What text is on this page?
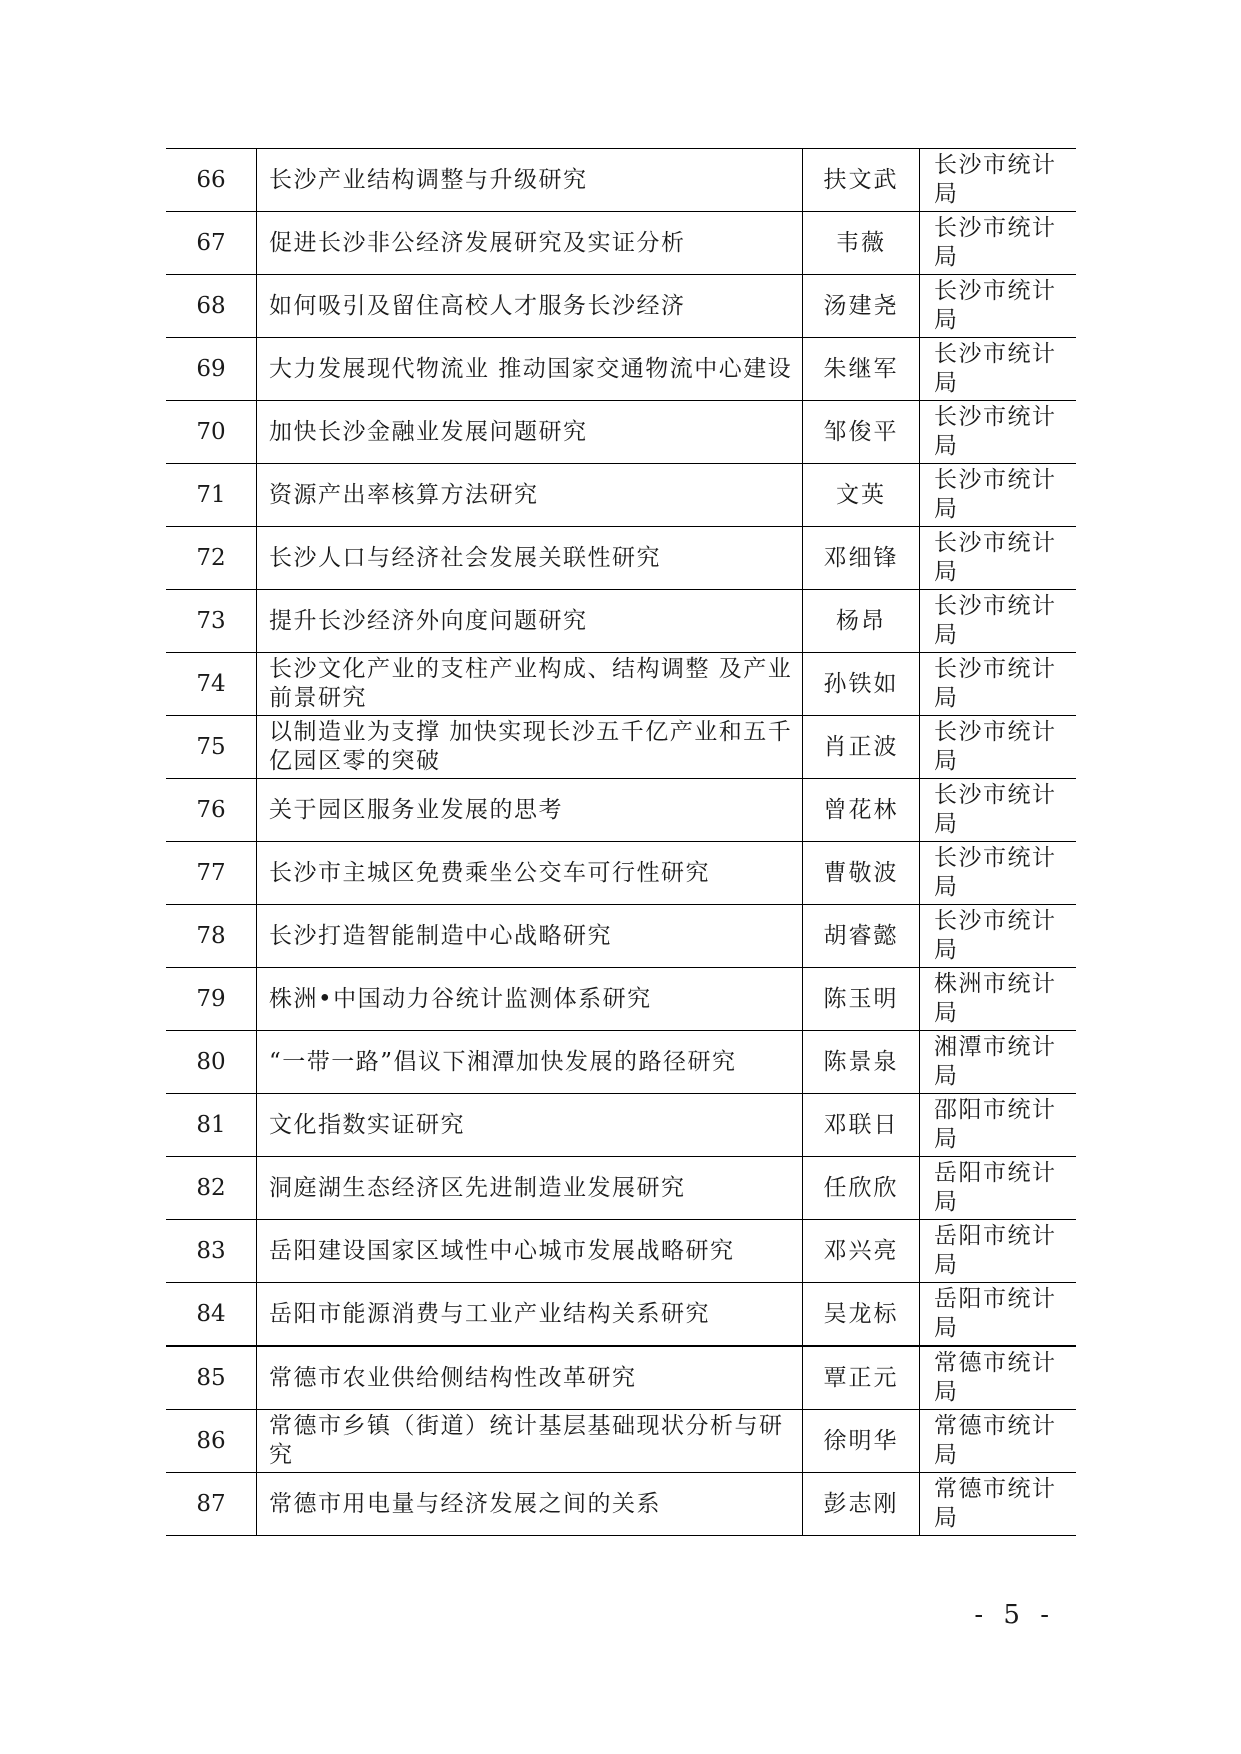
66	长沙产业结构调整与升级研究	扶文武	长沙市统计局
67	促进长沙非公经济发展研究及实证分析	韦薇	长沙市统计局
68	如何吸引及留住高校人才服务长沙经济	汤建尧	长沙市统计局
69	大力发展现代物流业 推动国家交通物流中心建设	朱继军	长沙市统计局
70	加快长沙金融业发展问题研究	邹俊平	长沙市统计局
71	资源产出率核算方法研究	文英	长沙市统计局
72	长沙人口与经济社会发展关联性研究	邓细锋	长沙市统计局
73	提升长沙经济外向度问题研究	杨昂	长沙市统计局
74	长沙文化产业的支柱产业构成、结构调整 及产业前景研究	孙铁如	长沙市统计局
75	以制造业为支撑 加快实现长沙五千亿产业和五千亿园区零的突破	肖正波	长沙市统计局
76	关于园区服务业发展的思考	曾花林	长沙市统计局
77	长沙市主城区免费乘坐公交车可行性研究	曹敬波	长沙市统计局
78	长沙打造智能制造中心战略研究	胡睿懿	长沙市统计局
79	株洲•中国动力谷统计监测体系研究	陈玉明	株洲市统计局
80	“一带一路”倡议下湘潭加快发展的路径研究	陈景泉	湘潭市统计局
81	文化指数实证研究	邓联日	邵阳市统计局
82	洞庭湖生态经济区先进制造业发展研究	任欣欣	岳阳市统计局
83	岳阳建设国家区域性中心城市发展战略研究	邓兴亮	岳阳市统计局
84	岳阳市能源消费与工业产业结构关系研究	吴龙标	岳阳市统计局
85	常德市农业供给侧结构性改革研究	覃正元	常德市统计局
86	常德市乡镇（街道）统计基层基础现状分析与研究	徐明华	常德市统计局
87	常德市用电量与经济发展之间的关系	彭志刚	常德市统计局
- 5 -
